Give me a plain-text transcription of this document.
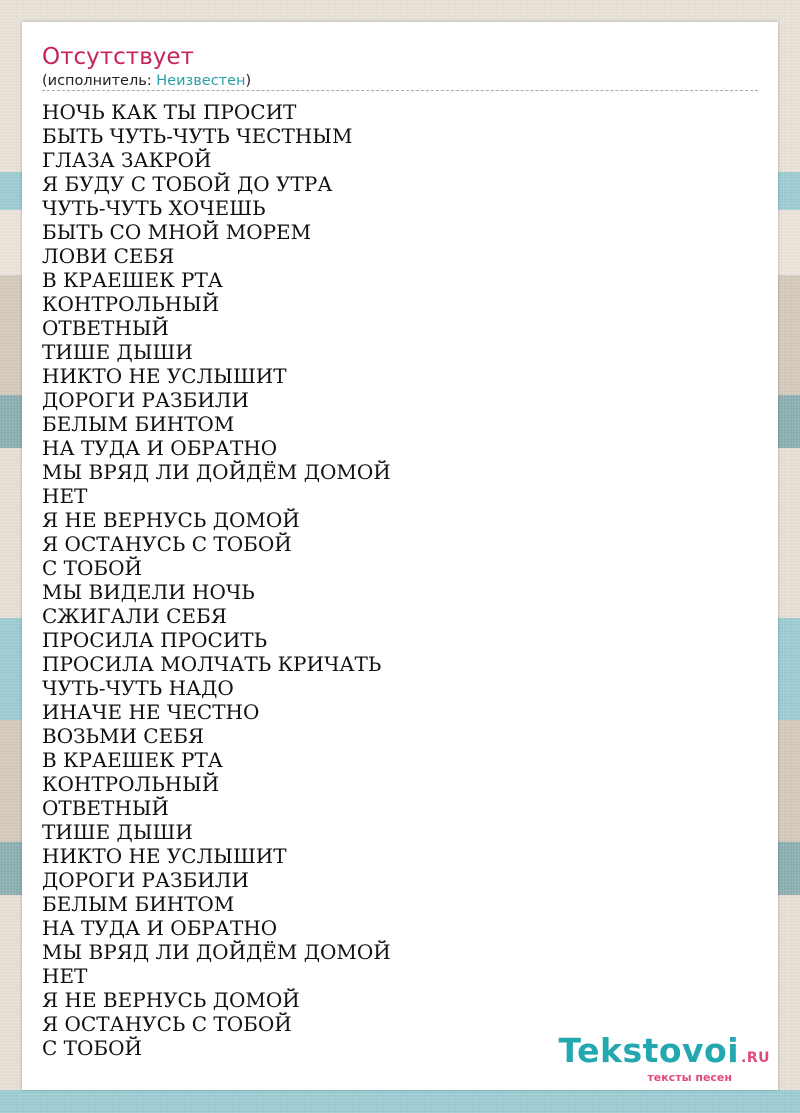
Отсутствует
(исполнитель: Неизвестен)
НОЧЬ КАК ТЫ ПРОСИТ
БЫТЬ ЧУТЬ-ЧУТЬ ЧЕСТНЫМ
ГЛАЗА ЗАКРОЙ
Я БУДУ С ТОБОЙ ДО УТРА
ЧУТЬ-ЧУТЬ ХОЧЕШЬ
БЫТЬ СО МНОЙ МОРЕМ
ЛОВИ СЕБЯ
В КРАЕШЕК РТА
КОНТРОЛЬНЫЙ
ОТВЕТНЫЙ
ТИШЕ ДЫШИ
НИКТО НЕ УСЛЫШИТ
ДОРОГИ РАЗБИЛИ
БЕЛЫМ БИНТОМ
НА ТУДА И ОБРАТНО
МЫ ВРЯД ЛИ ДОЙДЁМ ДОМОЙ
НЕТ
Я НЕ ВЕРНУСЬ ДОМОЙ
Я ОСТАНУСЬ С ТОБОЙ
С ТОБОЙ
МЫ ВИДЕЛИ НОЧЬ
СЖИГАЛИ СЕБЯ
ПРОСИЛА ПРОСИТЬ
ПРОСИЛА МОЛЧАТЬ КРИЧАТЬ
ЧУТЬ-ЧУТЬ НАДО
ИНАЧЕ НЕ ЧЕСТНО
ВОЗЬМИ СЕБЯ
В КРАЕШЕК РТА
КОНТРОЛЬНЫЙ
ОТВЕТНЫЙ
ТИШЕ ДЫШИ
НИКТО НЕ УСЛЫШИТ
ДОРОГИ РАЗБИЛИ
БЕЛЫМ БИНТОМ
НА ТУДА И ОБРАТНО
МЫ ВРЯД ЛИ ДОЙДЁМ ДОМОЙ
НЕТ
Я НЕ ВЕРНУСЬ ДОМОЙ
Я ОСТАНУСЬ С ТОБОЙ
С ТОБОЙ	Tekstovoi .RU
тексты песен
